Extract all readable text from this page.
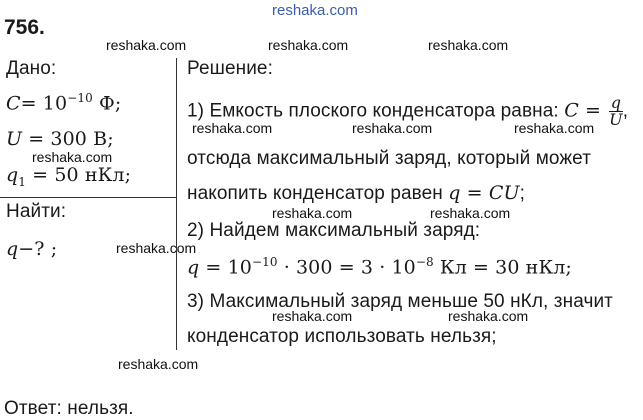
reshaka.com
756.
reshaka.com	reshaka.com	reshaka.com
Дано:
$C= 10^{-10}$ Ф;
U = 300 В;
reshaka.com
$q_1 = 50$ нКл;
Найти:
q−? ;	reshaka.com
Решение:
1) Емкость плоского конденсатора равна: $C = \frac{q}{U}$ ,
reshaka.com	reshaka.com	reshaka.com
отсюда максимальный заряд, который может
накопить конденсатор равен q = CU;
reshaka.com	reshaka.com
2) Найдем максимальный заряд:
$q = 10^{-10} \cdot 300 = 3 \cdot 10^{-8}$ Кл = 30 нКл;
3) Максимальный заряд меньше 50 нКл, значит
reshaka.com	reshaka.com
конденсатор использовать нельзя;
reshaka.com
Ответ: нельзя.
